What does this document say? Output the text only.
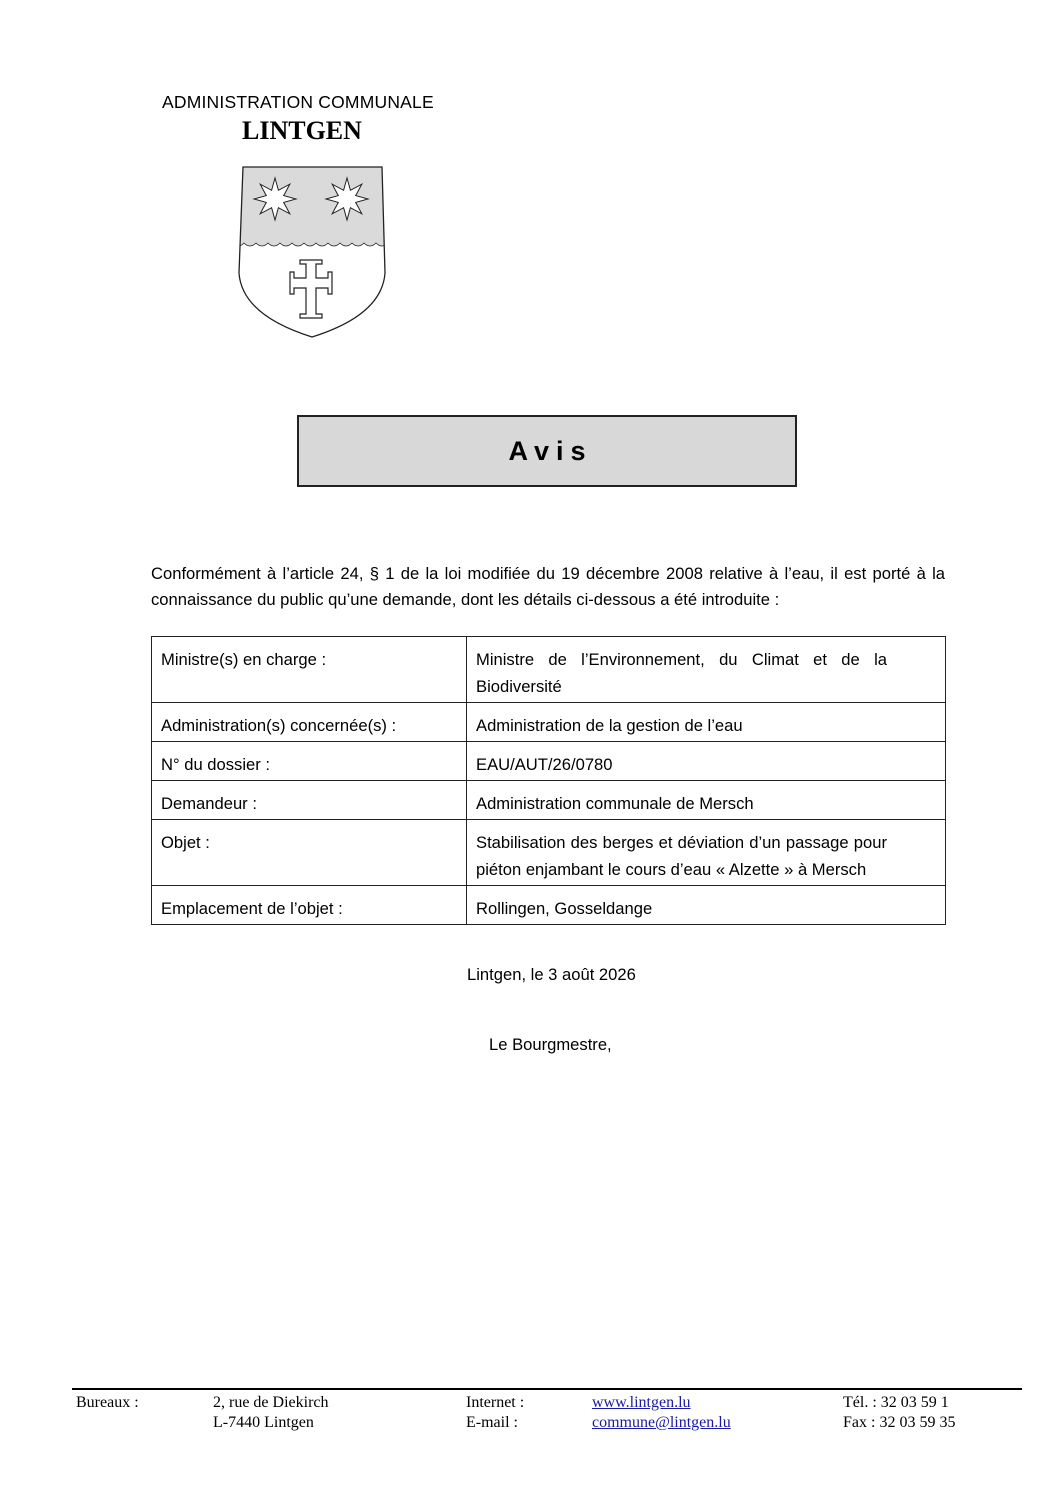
ADMINISTRATION COMMUNALE
LINTGEN
Avis
Conformément à l’article 24, § 1 de la loi modifiée du 19 décembre 2008 relative à l’eau, il est porté à la connaissance du public qu’une demande, dont les détails ci-dessous a été introduite :
Ministre(s) en charge :	Ministre de l’Environnement, du Climat et de la Biodiversité
Administration(s) concernée(s) :	Administration de la gestion de l’eau
N° du dossier :	EAU/AUT/26/0780
Demandeur :	Administration communale de Mersch
Objet :	Stabilisation des berges et déviation d’un passage pour piéton enjambant le cours d’eau « Alzette » à Mersch
Emplacement de l’objet :	Rollingen, Gosseldange
Lintgen, le 3 août 2026
Le Bourgmestre,
Bureaux :	2, rue de Diekirch
L-7440 Lintgen
Internet :
E-mail :
www.lintgen.lu
commune@lintgen.lu
Tél. : 32 03 59 1
Fax : 32 03 59 35
